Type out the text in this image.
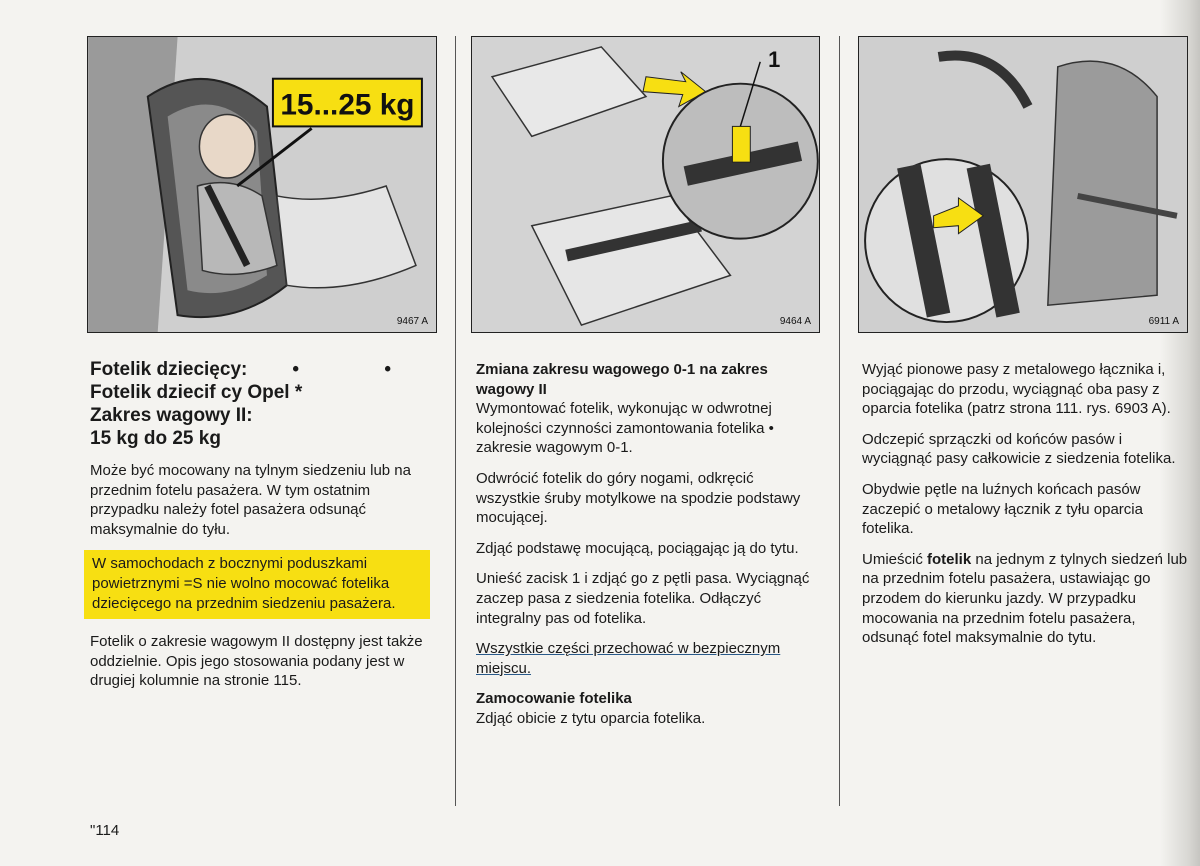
15...25 kg
9467 A
1
9464 A	6911 A
Fotelik dziecięcy:
Fotelik dziecif cy Opel *
Zakres wagowy II:
15 kg do 25 kg
• •

Może być mocowany na tylnym siedzeniu lub na przednim fotelu pasażera. W tym ostatnim przypadku należy fotel pasażera odsunąć maksymalnie do tyłu.

W samochodach z bocznymi poduszkami powietrznymi =S nie wolno mocować fotelika dziecięcego na przednim siedzeniu pasażera.

Fotelik o zakresie wagowym II dostępny jest także oddzielnie. Opis jego stosowania podany jest w drugiej kolumnie na stronie 115.

Zmiana zakresu wagowego 0-1 na zakres wagowy II

Wymontować fotelik, wykonując w odwrotnej kolejności czynności zamontowania fotelika • zakresie wagowym 0-1.

Odwrócić fotelik do góry nogami, odkręcić wszystkie śruby motylkowe na spodzie podstawy mocującej.

Zdjąć podstawę mocującą, pociągając ją do tytu.

Unieść zacisk 1 i zdjąć go z pętli pasa. Wyciągnąć zaczep pasa z siedzenia fotelika. Odłączyć integralny pas od fotelika.

Wszystkie części przechować w bezpiecznym miejscu.

Zamocowanie fotelika

Zdjąć obicie z tytu oparcia fotelika.

Wyjąć pionowe pasy z metalowego łącznika i, pociągając do przodu, wyciągnąć oba pasy z oparcia fotelika (patrz strona 111. rys. 6903 A).

Odczepić sprzączki od końców pasów i wyciągnąć pasy całkowicie z siedzenia fotelika.

Obydwie pętle na luźnych końcach pasów zaczepić o metalowy łącznik z tyłu oparcia fotelika.

Umieścić fotelik na jednym z tylnych siedzeń lub na przednim fotelu pasażera, ustawiając go przodem do kierunku jazdy. W przypadku mocowania na przednim fotelu pasażera, odsunąć fotel maksymalnie do tytu.

"114
